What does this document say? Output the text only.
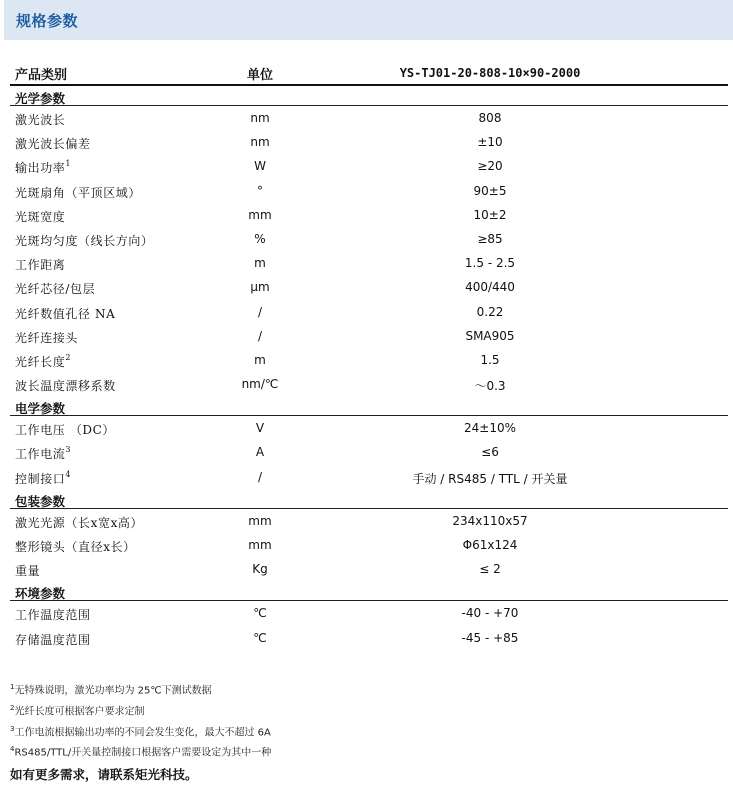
规格参数
产品类别	单位	YS-TJ01-20-808-10×90-2000
光学参数
激光波长	nm	808
激光波长偏差	nm	±10
输出功率$^1$	W	≥20
光斑扇角（平顶区域）	°	90±5
光斑宽度	mm	10±2
光斑均匀度（线长方向）	%	≥85
工作距离	m	1.5 - 2.5
光纤芯径/包层	μm	400/440
光纤数值孔径 NA	/	0.22
光纤连接头	/	SMA905
光纤长度$^2$	m	1.5
波长温度漂移系数	nm/℃	～0.3
电学参数
工作电压 （DC）	V	24±10%
工作电流$^3$	A	≤6
控制接口$^4$	/	手动 / RS485 / TTL / 开关量
包装参数
激光光源（长x宽x高）	mm	234x110x57
整形镜头（直径x长）	mm	Φ61x124
重量	Kg	≤ 2
环境参数
工作温度范围	℃	-40 - +70
存储温度范围	℃	-45 - +85
$^1$无特殊说明，激光功率均为 25℃下测试数据
$^2$光纤长度可根据客户要求定制
$^3$工作电流根据输出功率的不同会发生变化，最大不超过 6A
$^4$RS485/TTL/开关量控制接口根据客户需要设定为其中一种
如有更多需求，请联系矩光科技。
